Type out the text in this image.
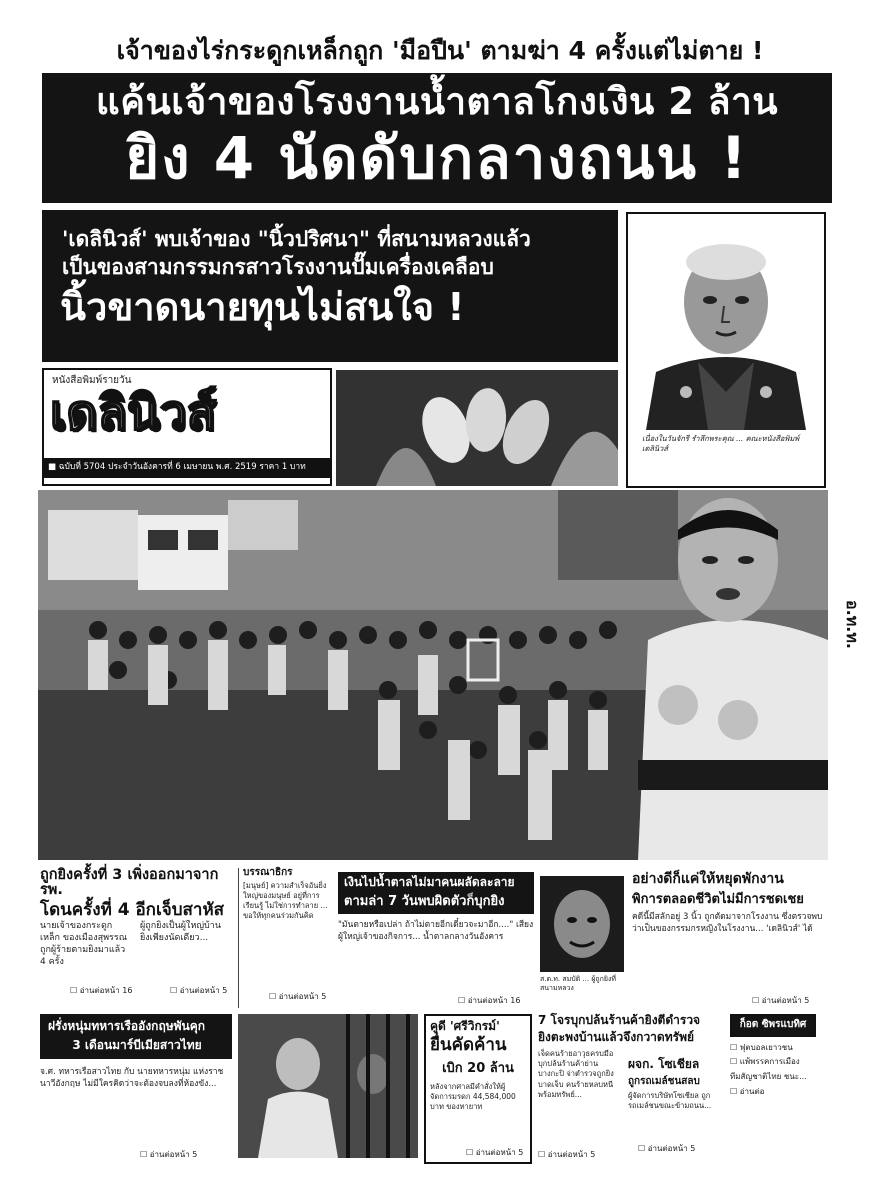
เจ้าของไร่กระดูกเหล็กถูก 'มือปืน' ตามฆ่า 4 ครั้งแต่ไม่ตาย !
แค้นเจ้าของโรงงานน้ำตาลโกงเงิน 2 ล้าน
ยิง 4 นัดดับกลางถนน !
'เดลินิวส์' พบเจ้าของ "นิ้วปริศนา" ที่สนามหลวงแล้ว
เป็นของสามกรรมกรสาวโรงงานปั๊มเครื่องเคลือบ
นิ้วขาดนายทุนไม่สนใจ !
เนื่องในวันจักรี รำลึกพระคุณ ... คณะหนังสือพิมพ์ เดลินิวส์
หนังสือพิมพ์รายวัน
เดลินิวส์
■ ฉบับที่ 5704 ประจำวันอังคารที่ 6 เมษายน พ.ศ. 2519 ราคา 1 บาท
อ.ท.ท.
ถูกยิงครั้งที่ 3 เพิ่งออกมาจากรพ.
โดนครั้งที่ 4 อีกเจ็บสาหัส
นายเจ้าของกระดูกเหล็ก ของเมืองสุพรรณ ถูกผู้ร้ายตามยิงมาแล้ว 4 ครั้ง
ผู้ถูกยิงเป็นผู้ใหญ่บ้าน ยิงเพียงนัดเดียว...
☐ อ่านต่อหน้า 16	☐ อ่านต่อหน้า 5
บรรณาธิกร
[มนุษย์] ความสำเร็จอันยิ่งใหญ่ของมนุษย์ อยู่ที่การเรียนรู้ ไม่ใช่การทำลาย ... ขอให้ทุกคนร่วมกันคิด
☐ อ่านต่อหน้า 5
เงินไปน้ำตาลไม่มาคนผลัดละลาย
ตามล่า 7 วันพบผิดตัวก็บุกยิง
"มันตายหรือเปล่า ถ้าไม่ตายอีกเดี๋ยวจะมาอีก...." เสียงผู้ใหญ่เจ้าของกิจการ... น้ำตาลกลางวันอังคาร
☐ อ่านต่อหน้า 16
ส.ต.ท. สมบัติ ... ผู้ถูกยิงที่สนามหลวง
อย่างดีก็แค่ให้หยุดพักงาน
พิการตลอดชีวิตไม่มีการชดเชย
คดีนี้มีสลักอยู่ 3 นิ้ว ถูกตัดมาจากโรงงาน ซึ่งตรวจพบว่าเป็นของกรรมกรหญิงในโรงงาน... 'เดลินิวส์' ได้
☐ อ่านต่อหน้า 5
ฝรั่งหนุ่มทหารเรืออังกฤษพันคุก
3 เดือนมาร์บีเมียสาวไทย
จ.ศ. ทหารเรือสาวไทย กับ นายทหารหนุ่ม แห่งราชนาวีอังกฤษ ไม่มีใครคิดว่าจะต้องจบลงที่ห้องขัง...
☐ อ่านต่อหน้า 5
คูดี 'ศรีวิกรม์'
ยื่นคัดค้าน
เบิก 20 ล้าน
หลังจากศาลมีคำสั่งให้ผู้จัดการมรดก 44,584,000 บาท ของทายาท
☐ อ่านต่อหน้า 5
7 โจรบุกปล้นร้านค้ายิงตีดำรวจ
ยิงตะพงบ้านแล้วจึงกวาดทรัพย์
เจ็ดคนร้ายอาวุธครบมือ บุกปล้นร้านค้าย่านบางกะปิ จ่าตำรวจถูกยิงบาดเจ็บ คนร้ายหลบหนีพร้อมทรัพย์...
☐ อ่านต่อหน้า 5
ผจก. โซเชียล
ถูกรถเมล์ชนสลบ
ผู้จัดการบริษัทโซเชียล ถูกรถเมล์ชนขณะข้ามถนน...
☐ อ่านต่อหน้า 5
ก็อต ซิพรแบทิศ
☐ ฟุตบอลเยาวชน
☐ แพ้พรรคการเมือง
ทีมสัญชาติไทย ชนะ...
☐ อ่านต่อ
